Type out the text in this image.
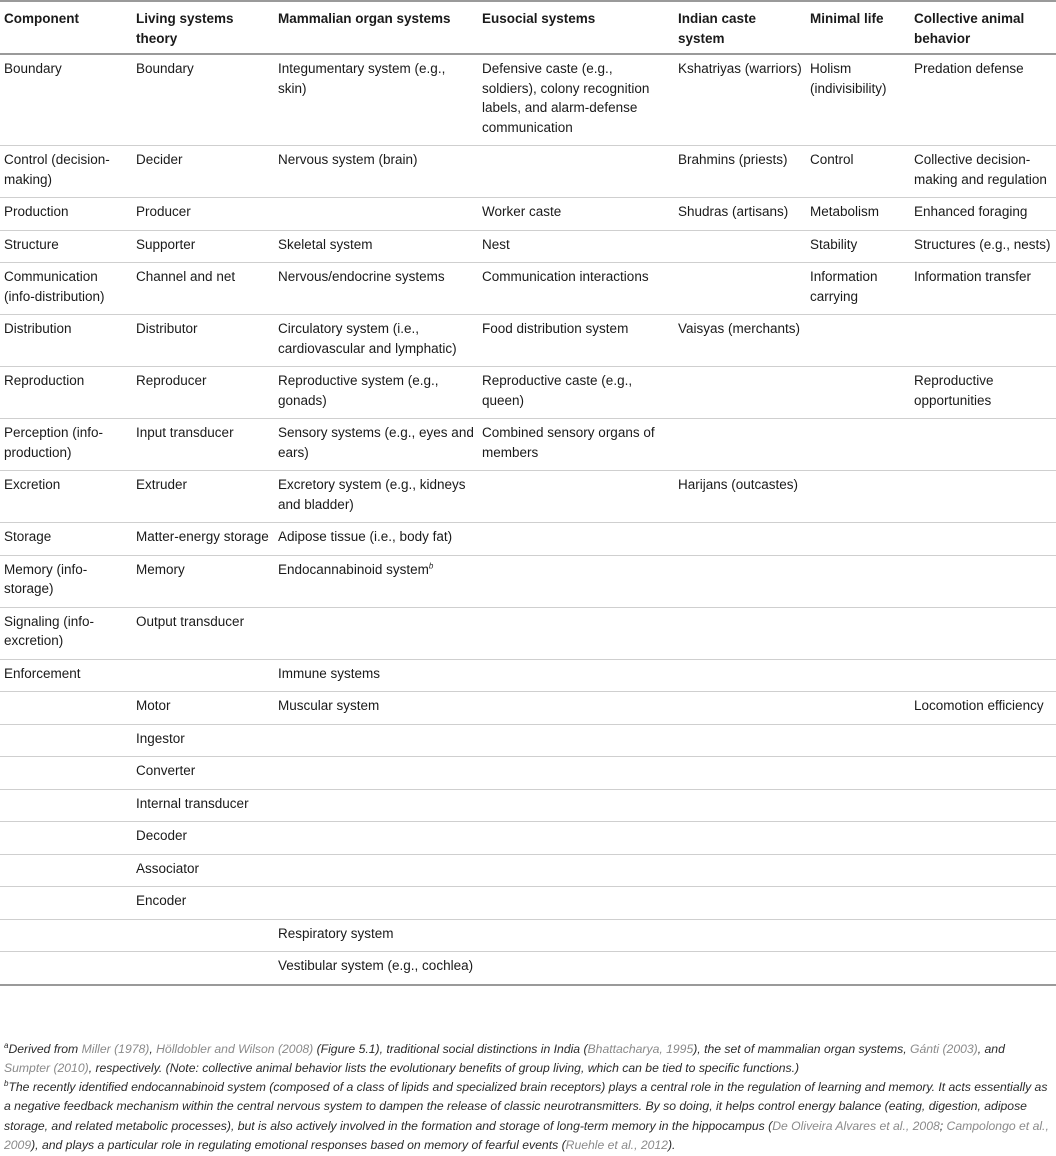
Component	Living systems theory	Mammalian organ systems	Eusocial systems	Indian caste system	Minimal life	Collective animal behavior
Boundary	Boundary	Integumentary system (e.g., skin)	Defensive caste (e.g., soldiers), colony recognition labels, and alarm-defense communication	Kshatriyas (warriors)	Holism (indivisibility)	Predation defense
Control (decision-making)	Decider	Nervous system (brain)		Brahmins (priests)	Control	Collective decision-making and regulation
Production	Producer		Worker caste	Shudras (artisans)	Metabolism	Enhanced foraging
Structure	Supporter	Skeletal system	Nest		Stability	Structures (e.g., nests)
Communication (info-distribution)	Channel and net	Nervous/endocrine systems	Communication interactions		Information carrying	Information transfer
Distribution	Distributor	Circulatory system (i.e., cardiovascular and lymphatic)	Food distribution system	Vaisyas (merchants)		
Reproduction	Reproducer	Reproductive system (e.g., gonads)	Reproductive caste (e.g., queen)			Reproductive opportunities
Perception (info-production)	Input transducer	Sensory systems (e.g., eyes and ears)	Combined sensory organs of members			
Excretion	Extruder	Excretory system (e.g., kidneys and bladder)		Harijans (outcastes)		
Storage	Matter-energy storage	Adipose tissue (i.e., body fat)				
Memory (info-storage)	Memory	Endocannabinoid system$^b$				
Signaling (info-excretion)	Output transducer					
Enforcement		Immune systems				
	Motor	Muscular system				Locomotion efficiency
	Ingestor					
	Converter					
	Internal transducer					
	Decoder					
	Associator					
	Encoder					
		Respiratory system				
		Vestibular system (e.g., cochlea)				
$^a$Derived from Miller (1978), Hölldobler and Wilson (2008) (Figure 5.1), traditional social distinctions in India (Bhattacharya, 1995), the set of mammalian organ systems, Gánti (2003), and Sumpter (2010), respectively. (Note: collective animal behavior lists the evolutionary benefits of group living, which can be tied to specific functions.)
$^b$The recently identified endocannabinoid system (composed of a class of lipids and specialized brain receptors) plays a central role in the regulation of learning and memory. It acts essentially as a negative feedback mechanism within the central nervous system to dampen the release of classic neurotransmitters. By so doing, it helps control energy balance (eating, digestion, adipose storage, and related metabolic processes), but is also actively involved in the formation and storage of long-term memory in the hippocampus (De Oliveira Alvares et al., 2008; Campolongo et al., 2009), and plays a particular role in regulating emotional responses based on memory of fearful events (Ruehle et al., 2012).
